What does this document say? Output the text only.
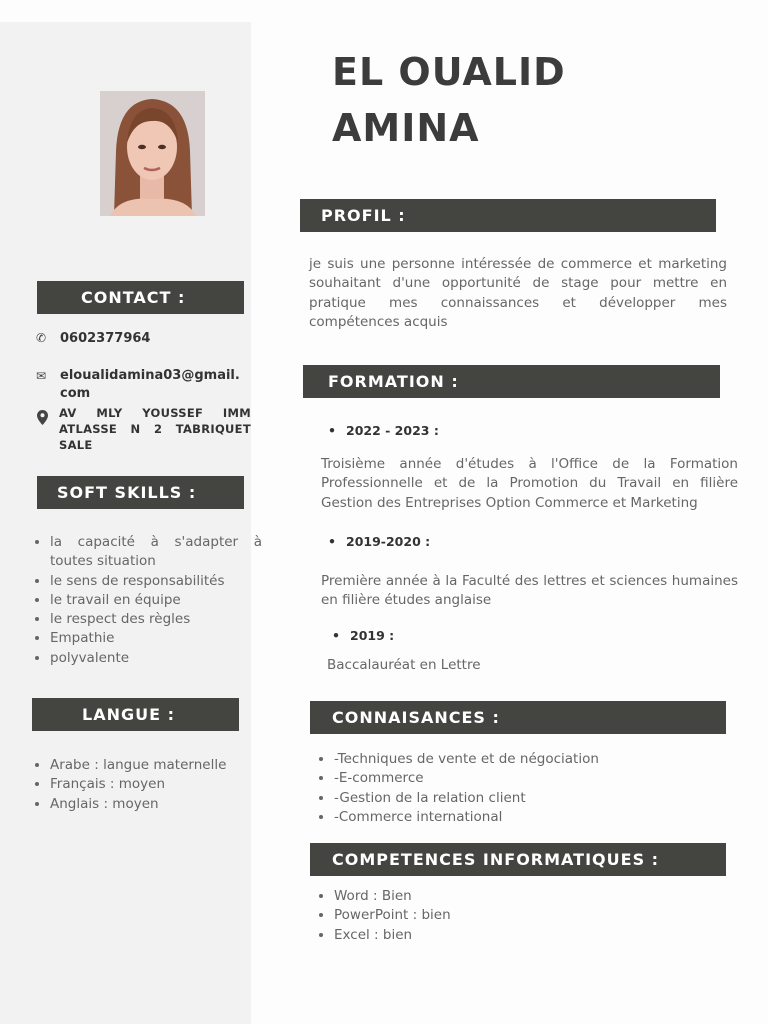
EL OUALID
AMINA
CONTACT :
✆	0602377964
✉	eloualidamina03@gmail.
com
AV MLY YOUSSEF IMM ATLASSE N 2 TABRIQUET SALE
SOFT SKILLS :
• la capacité à s'adapter à toutes situation
• le sens de responsabilités
• le travail en équipe
• le respect des règles
• Empathie
• polyvalente
LANGUE :
• Arabe : langue maternelle
• Français : moyen
• Anglais : moyen
PROFIL :
je suis une personne intéressée de commerce et marketing souhaitant d'une opportunité de stage pour mettre en pratique mes connaissances et développer mes compétences acquis
FORMATION :
• 2022 - 2023 :
Troisième année d'études à l'Office de la Formation Professionnelle et de la Promotion du Travail en filière Gestion des Entreprises Option Commerce et Marketing
• 2019-2020 :
Première année à la Faculté des lettres et sciences humaines en filière études anglaise
• 2019 :
Baccalauréat en Lettre
CONNAISANCES :
• -Techniques de vente et de négociation
• -E-commerce
• -Gestion de la relation client
• -Commerce international
COMPETENCES INFORMATIQUES :
• Word : Bien
• PowerPoint : bien
• Excel : bien
